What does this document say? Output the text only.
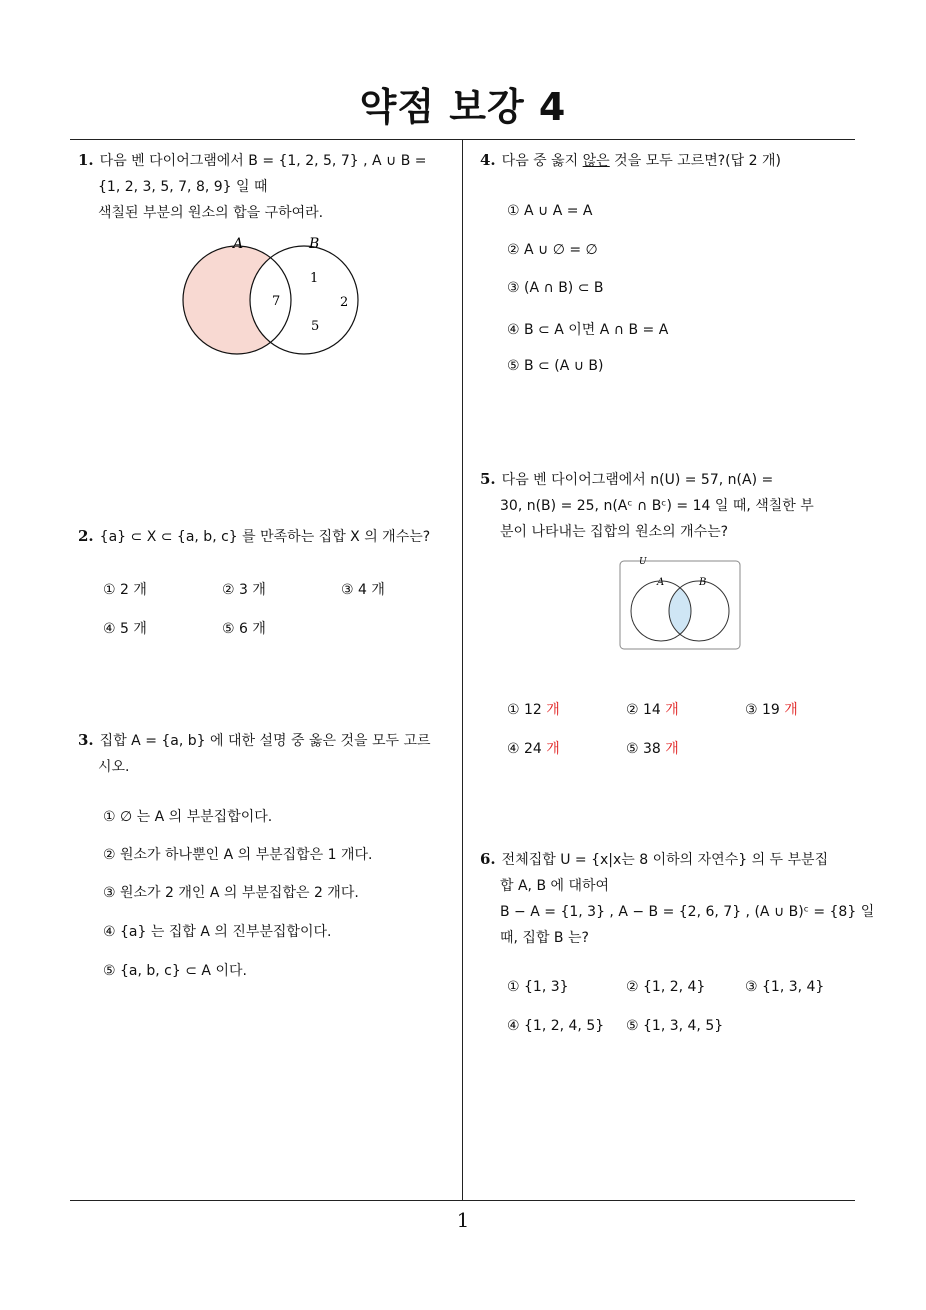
약점 보강 4
1
1. 다음 벤 다이어그램에서 B = {1, 2, 5, 7} , A ∪ B =
{1, 2, 3, 5, 7, 8, 9} 일 때
색칠된 부분의 원소의 합을 구하여라.
A	B
7
1
2
5
2. {a} ⊂ X ⊂ {a, b, c} 를 만족하는 집합 X 의 개수는?
① 2 개	② 3 개	③ 4 개
④ 5 개	⑤ 6 개
3. 집합 A = {a, b} 에 대한 설명 중 옳은 것을 모두 고르
시오.
① ∅ 는 A 의 부분집합이다.
② 원소가 하나뿐인 A 의 부분집합은 1 개다.
③ 원소가 2 개인 A 의 부분집합은 2 개다.
④ {a} 는 집합 A 의 진부분집합이다.
⑤ {a, b, c} ⊂ A 이다.
4. 다음 중 옳지 않은 것을 모두 고르면?(답 2 개)
① A ∪ A = A
② A ∪ ∅ = ∅
③ (A ∩ B) ⊂ B
④ B ⊂ A 이면 A ∩ B = A
⑤ B ⊂ (A ∪ B)
5. 다음 벤 다이어그램에서 n(U) = 57, n(A) =
30, n(B) = 25, n(Aᶜ ∩ Bᶜ) = 14 일 때, 색칠한 부
분이 나타내는 집합의 원소의 개수는?
U
A	B
① 12 개	② 14 개	③ 19 개
④ 24 개	⑤ 38 개
6. 전체집합 U = {x|x는 8 이하의 자연수} 의 두 부분집
합 A, B 에 대하여
B − A = {1, 3} , A − B = {2, 6, 7} , (A ∪ B)ᶜ = {8} 일
때, 집합 B 는?
① {1, 3}	② {1, 2, 4}	③ {1, 3, 4}
④ {1, 2, 4, 5} ⑤ {1, 3, 4, 5}
